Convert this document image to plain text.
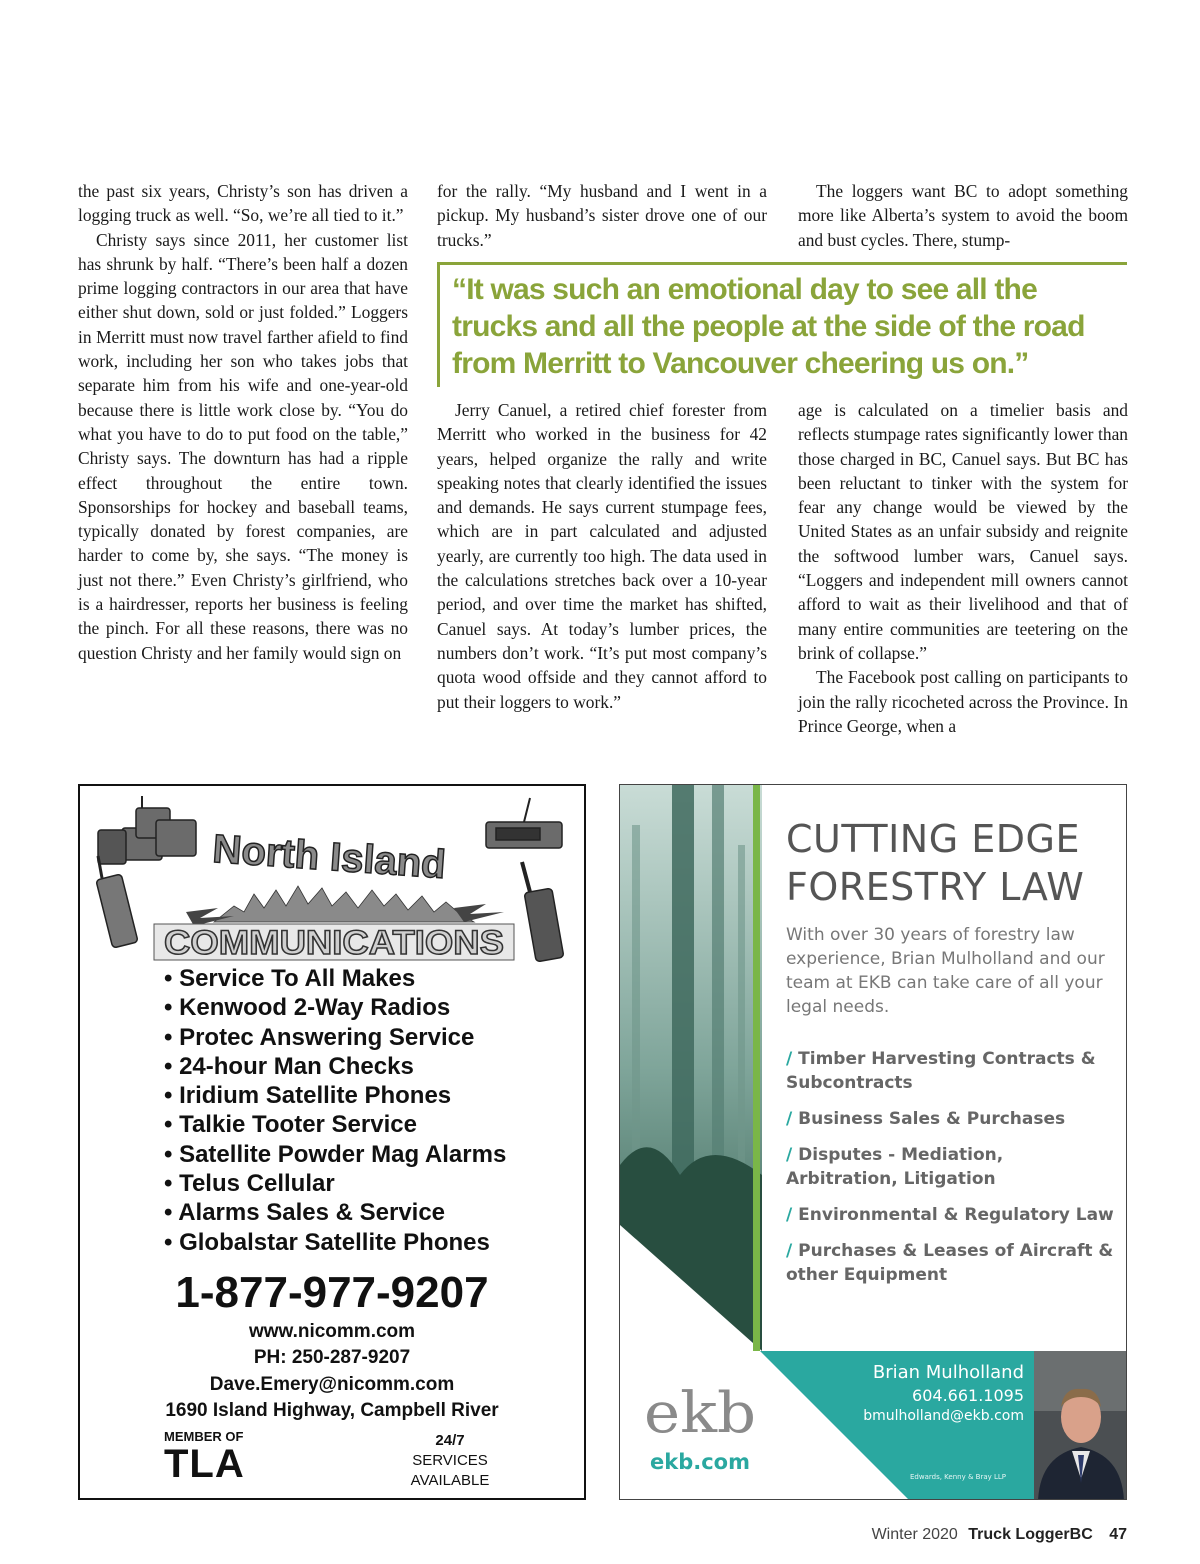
the past six years, Christy’s son has driven a logging truck as well. “So, we’re all tied to it.”

Christy says since 2011, her customer list has shrunk by half. “There’s been half a dozen prime logging contractors in our area that have either shut down, sold or just folded.” Loggers in Merritt must now travel farther afield to find work, including her son who takes jobs that separate him from his wife and one-year-old because there is little work close by. “You do what you have to do to put food on the table,” Christy says. The downturn has had a ripple effect throughout the entire town. Sponsorships for hockey and baseball teams, typically donated by forest companies, are harder to come by, she says. “The money is just not there.” Even Christy’s girlfriend, who is a hairdresser, reports her business is feeling the pinch. For all these reasons, there was no question Christy and her family would sign on

for the rally. “My husband and I went in a pickup. My husband’s sister drove one of our trucks.”

The loggers want BC to adopt something more like Alberta’s system to avoid the boom and bust cycles. There, stump-

“It was such an emotional day to see all the trucks and all the people at the side of the road from Merritt to Vancouver cheering us on.”

Jerry Canuel, a retired chief forester from Merritt who worked in the business for 42 years, helped organize the rally and write speaking notes that clearly identified the issues and demands. He says current stumpage fees, which are in part calculated and adjusted yearly, are currently too high. The data used in the calculations stretches back over a 10-year period, and over time the market has shifted, Canuel says. At today’s lumber prices, the numbers don’t work. “It’s put most company’s quota wood offside and they cannot afford to put their loggers to work.”

age is calculated on a timelier basis and reflects stumpage rates significantly lower than those charged in BC, Canuel says. But BC has been reluctant to tinker with the system for fear any change would be viewed by the United States as an unfair subsidy and reignite the softwood lumber wars, Canuel says. “Loggers and independent mill owners cannot afford to wait as their livelihood and that of many entire communities are teetering on the brink of collapse.”

The Facebook post calling on participants to join the rally ricocheted across the Province. In Prince George, when a

North Island
COMMUNICATIONS
• Service To All Makes
• Kenwood 2-Way Radios
• Protec Answering Service
• 24-hour Man Checks
• Iridium Satellite Phones
• Talkie Tooter Service
• Satellite Powder Mag Alarms
• Telus Cellular
• Alarms Sales & Service
• Globalstar Satellite Phones
1-877-977-9207
www.nicomm.com
PH: 250-287-9207
Dave.Emery@nicomm.com
1690 Island Highway, Campbell River
MEMBER OF
TLA
24/7
SERVICES
AVAILABLE
CUTTING EDGE
FORESTRY LAW
With over 30 years of forestry law experience, Brian Mulholland and our team at EKB can take care of all your legal needs.
/ Timber Harvesting Contracts & Subcontracts
/ Business Sales & Purchases
/ Disputes - Mediation, Arbitration, Litigation
/ Environmental & Regulatory Law
/ Purchases & Leases of Aircraft & other Equipment
Brian Mulholland
604.661.1095
bmulholland@ekb.com
Edwards, Kenny & Bray LLP
ekb
ekb.com
Winter 2020 Truck LoggerBC 47
